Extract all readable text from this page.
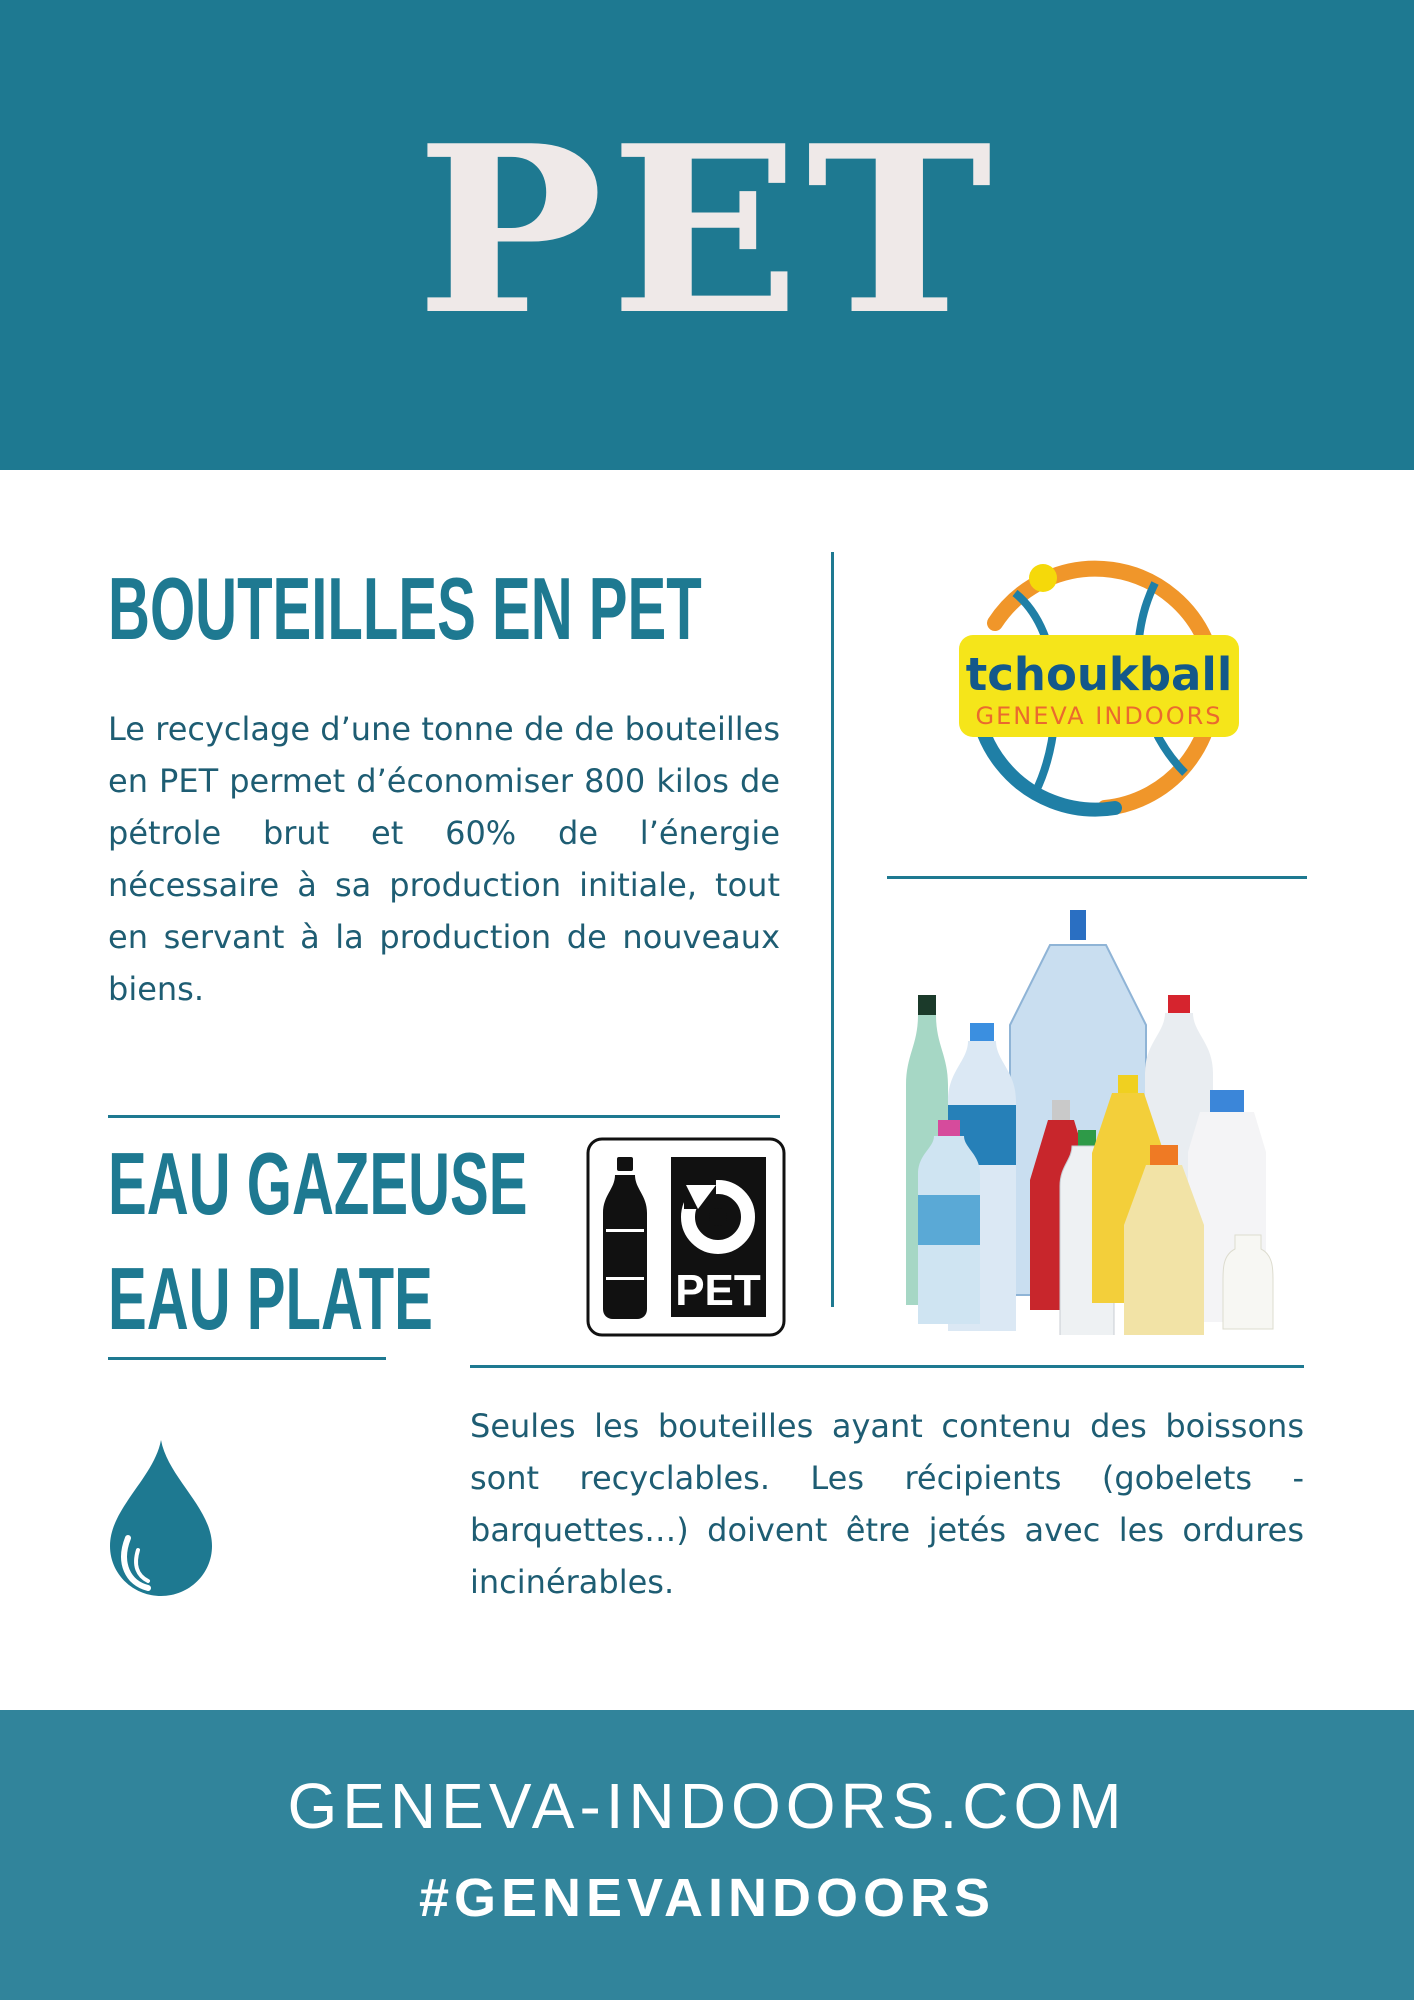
PET
BOUTEILLES EN PET

Le recyclage d’une tonne de de bouteilles en PET permet d’économiser 800 kilos de pétrole brut et 60% de l’énergie nécessaire à sa production initiale, tout en servant à la production de nouveaux biens.

EAU GAZEUSE
EAU PLATE	PET
tchoukball
GENEVA INDOORS

Seules les bouteilles ayant contenu des boissons sont recyclables. Les récipients (gobelets - barquettes…) doivent être jetés avec les ordures incinérables.

GENEVA-INDOORS.COM
#GENEVAINDOORS
